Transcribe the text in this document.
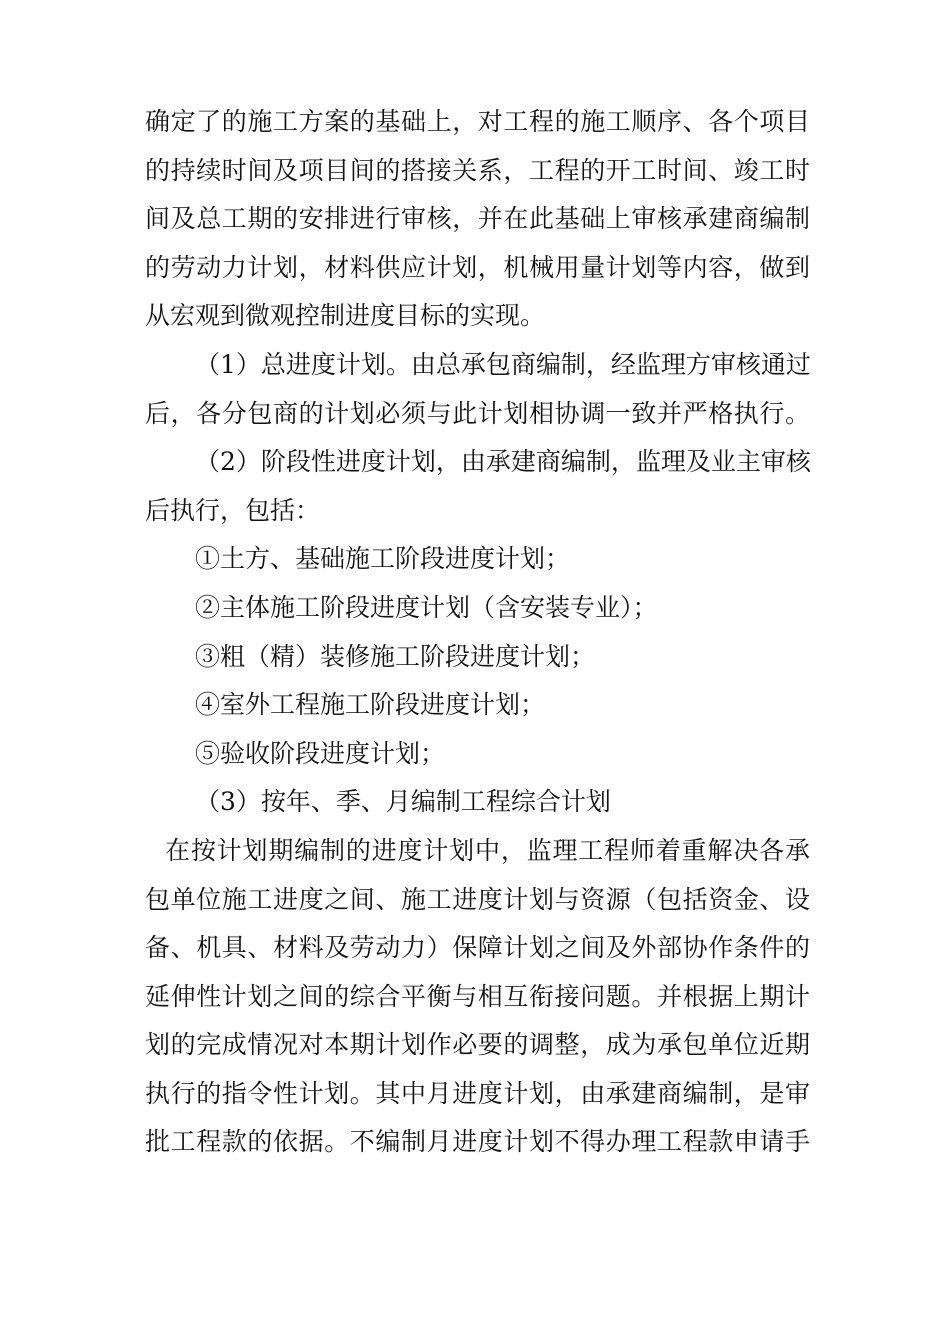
确定了的施工方案的基础上，对工程的施工顺序、各个项目
的持续时间及项目间的搭接关系，工程的开工时间、竣工时
间及总工期的安排进行审核，并在此基础上审核承建商编制
的劳动力计划，材料供应计划，机械用量计划等内容，做到
从宏观到微观控制进度目标的实现。
（1）总进度计划。由总承包商编制，经监理方审核通过
后，各分包商的计划必须与此计划相协调一致并严格执行。
（2）阶段性进度计划，由承建商编制，监理及业主审核
后执行，包括：
①土方、基础施工阶段进度计划；
②主体施工阶段进度计划（含安装专业）；
③粗（精）装修施工阶段进度计划；
④室外工程施工阶段进度计划；
⑤验收阶段进度计划；
（3）按年、季、月编制工程综合计划
在按计划期编制的进度计划中，监理工程师着重解决各承
包单位施工进度之间、施工进度计划与资源（包括资金、设
备、机具、材料及劳动力）保障计划之间及外部协作条件的
延伸性计划之间的综合平衡与相互衔接问题。并根据上期计
划的完成情况对本期计划作必要的调整，成为承包单位近期
执行的指令性计划。其中月进度计划，由承建商编制，是审
批工程款的依据。不编制月进度计划不得办理工程款申请手
